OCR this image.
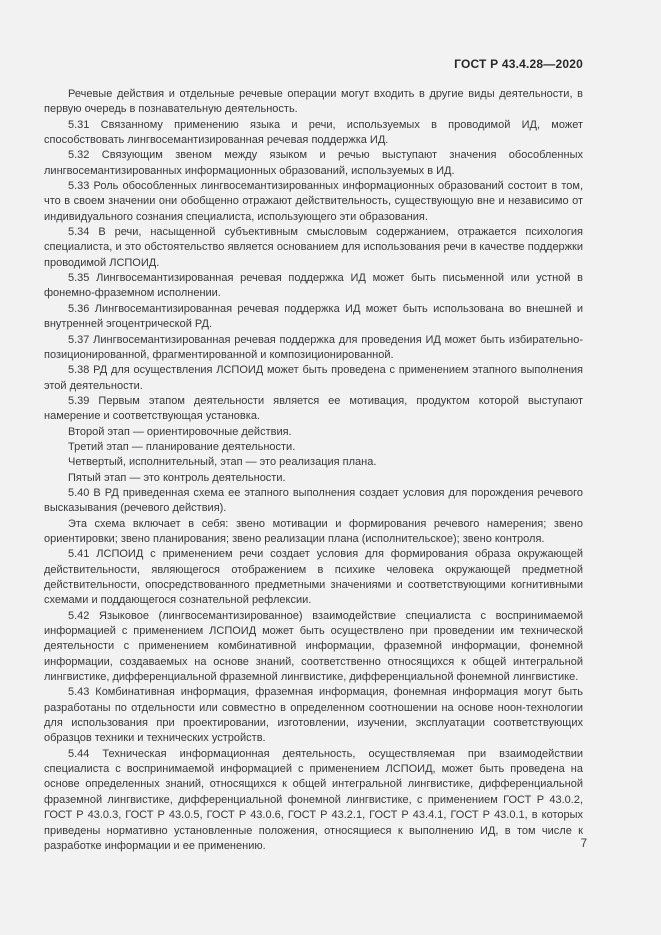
ГОСТ Р 43.4.28—2020

Речевые действия и отдельные речевые операции могут входить в другие виды деятельности, в первую очередь в познавательную деятельность.

5.31 Связанному применению языка и речи, используемых в проводимой ИД, может способствовать лингвосемантизированная речевая поддержка ИД.

5.32 Связующим звеном между языком и речью выступают значения обособленных лингвосемантизированных информационных образований, используемых в ИД.

5.33 Роль обособленных лингвосемантизированных информационных образований состоит в том, что в своем значении они обобщенно отражают действительность, существующую вне и независимо от индивидуального сознания специалиста, использующего эти образования.

5.34 В речи, насыщенной субъективным смысловым содержанием, отражается психология специалиста, и это обстоятельство является основанием для использования речи в качестве поддержки проводимой ЛСПОИД.

5.35 Лингвосемантизированная речевая поддержка ИД может быть письменной или устной в фонемно-фраземном исполнении.

5.36 Лингвосемантизированная речевая поддержка ИД может быть использована во внешней и внутренней эгоцентрической РД.

5.37 Лингвосемантизированная речевая поддержка для проведения ИД может быть избирательно-позиционированной, фрагментированной и композиционированной.

5.38 РД для осуществления ЛСПОИД может быть проведена с применением этапного выполнения этой деятельности.

5.39 Первым этапом деятельности является ее мотивация, продуктом которой выступают намерение и соответствующая установка.

Второй этап — ориентировочные действия.

Третий этап — планирование деятельности.

Четвертый, исполнительный, этап — это реализация плана.

Пятый этап — это контроль деятельности.

5.40 В РД приведенная схема ее этапного выполнения создает условия для порождения речевого высказывания (речевого действия).

Эта схема включает в себя: звено мотивации и формирования речевого намерения; звено ориентировки; звено планирования; звено реализации плана (исполнительское); звено контроля.

5.41 ЛСПОИД с применением речи создает условия для формирования образа окружающей действительности, являющегося отображением в психике человека окружающей предметной действительности, опосредствованного предметными значениями и соответствующими когнитивными схемами и поддающегося сознательной рефлексии.

5.42 Языковое (лингвосемантизированное) взаимодействие специалиста с воспринимаемой информацией с применением ЛСПОИД может быть осуществлено при проведении им технической деятельности с применением комбинативной информации, фраземной информации, фонемной информации, создаваемых на основе знаний, соответственно относящихся к общей интегральной лингвистике, дифференциальной фраземной лингвистике, дифференциальной фонемной лингвистике.

5.43 Комбинативная информация, фраземная информация, фонемная информация могут быть разработаны по отдельности или совместно в определенном соотношении на основе ноон-технологии для использования при проектировании, изготовлении, изучении, эксплуатации соответствующих образцов техники и технических устройств.

5.44 Техническая информационная деятельность, осуществляемая при взаимодействии специалиста с воспринимаемой информацией с применением ЛСПОИД, может быть проведена на основе определенных знаний, относящихся к общей интегральной лингвистике, дифференциальной фраземной лингвистике, дифференциальной фонемной лингвистике, с применением ГОСТ Р 43.0.2, ГОСТ Р 43.0.3, ГОСТ Р 43.0.5, ГОСТ Р 43.0.6, ГОСТ Р 43.2.1, ГОСТ Р 43.4.1, ГОСТ Р 43.0.1, в которых приведены нормативно установленные положения, относящиеся к выполнению ИД, в том числе к разработке информации и ее применению.	7
